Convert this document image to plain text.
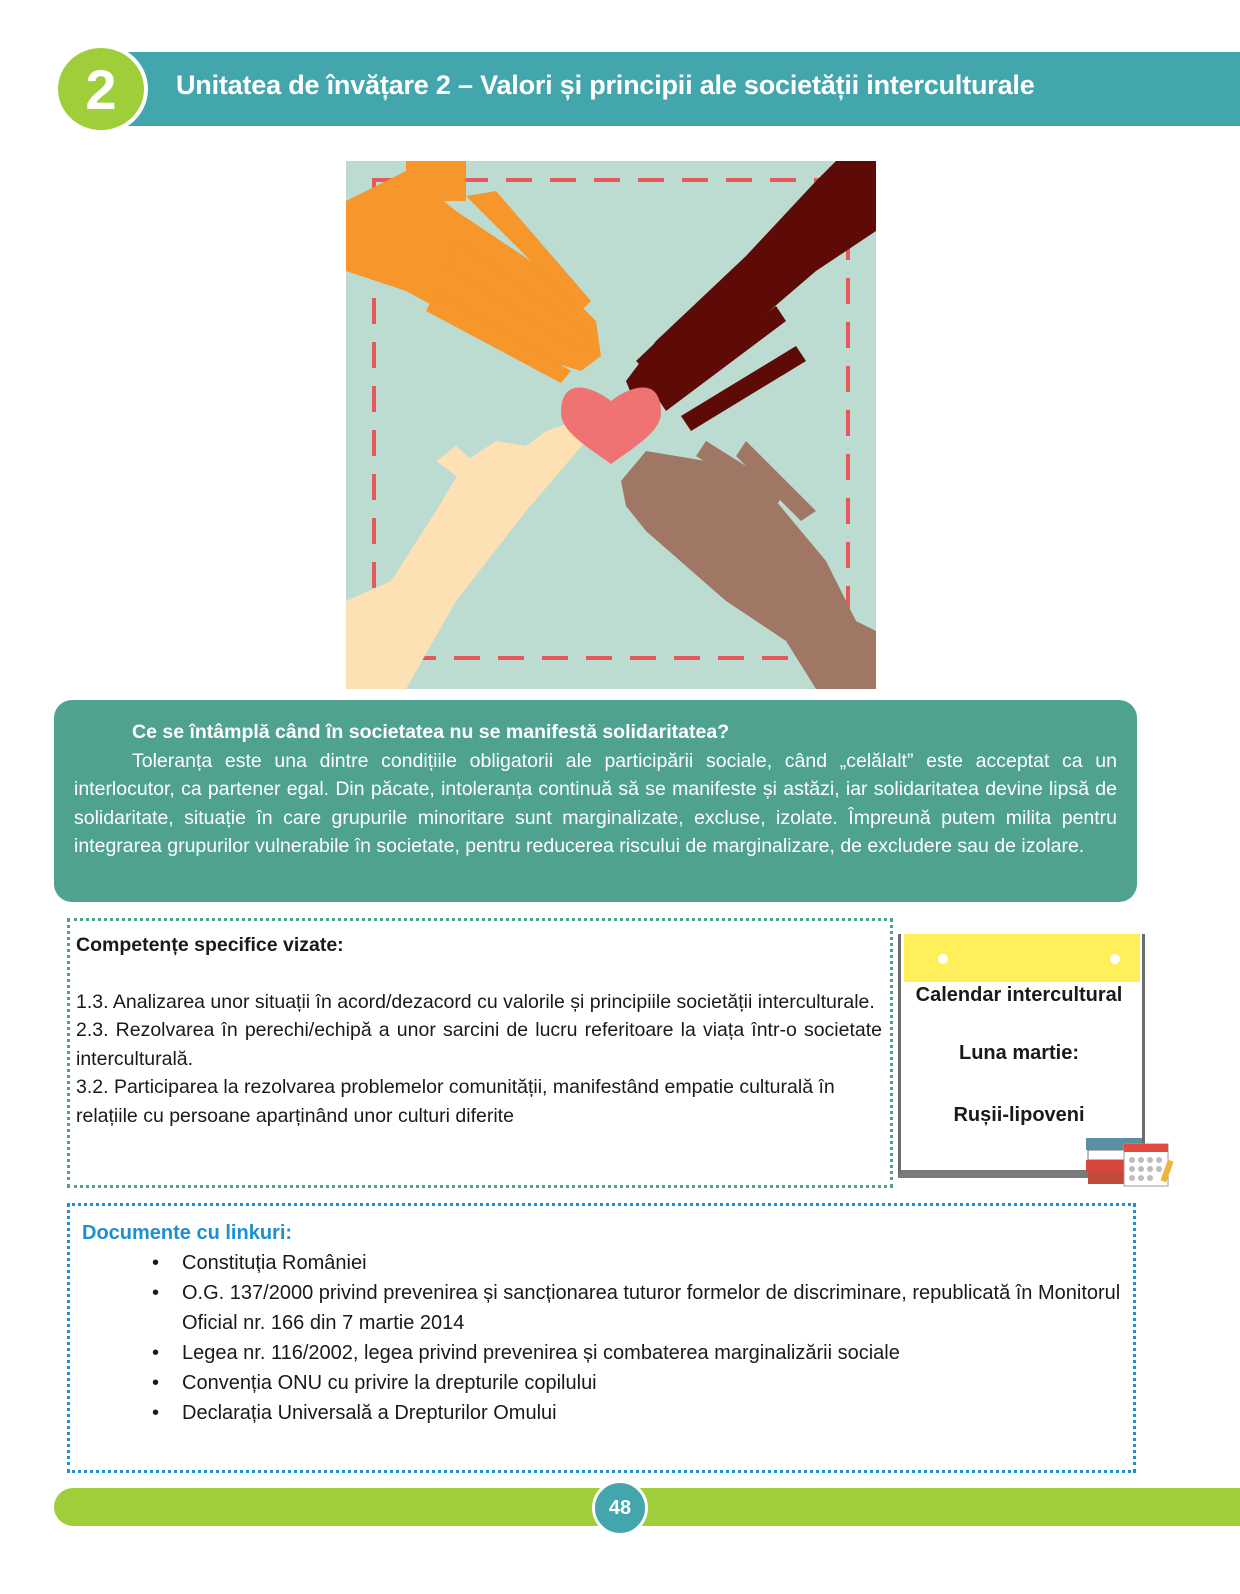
2 Unitatea de învățare 2 – Valori și principii ale societății interculturale

Ce se întâmplă când în societatea nu se manifestă solidaritatea?

Toleranța este una dintre condițiile obligatorii ale participării sociale, când „celălalt” este acceptat ca un interlocutor, ca partener egal. Din păcate, intoleranța continuă să se manifeste și astăzi, iar solidaritatea devine lipsă de solidaritate, situație în care grupurile minoritare sunt marginalizate, excluse, izolate. Împreună putem milita pentru integrarea grupurilor vulnerabile în societate, pentru reducerea riscului de marginalizare, de excludere sau de izolare.

Competențe specifice vizate:

1.3. Analizarea unor situații în acord/dezacord cu valorile și principiile societății interculturale.

2.3. Rezolvarea în perechi/echipă a unor sarcini de lucru referitoare la viața într-o societate interculturală.

3.2. Participarea la rezolvarea problemelor comunității, manifestând empatie culturală în relațiile cu persoane aparținând unor culturi diferite

Calendar intercultural
Luna martie:
Rușii-lipoveni

Documente cu linkuri:

• Constituția României
• O.G. 137/2000 privind prevenirea și sancționarea tuturor formelor de discriminare, republicată în Monitorul Oficial nr. 166 din 7 martie 2014
• Legea nr. 116/2002, legea privind prevenirea și combaterea marginalizării sociale
• Convenția ONU cu privire la drepturile copilului
• Declarația Universală a Drepturilor Omului
48
